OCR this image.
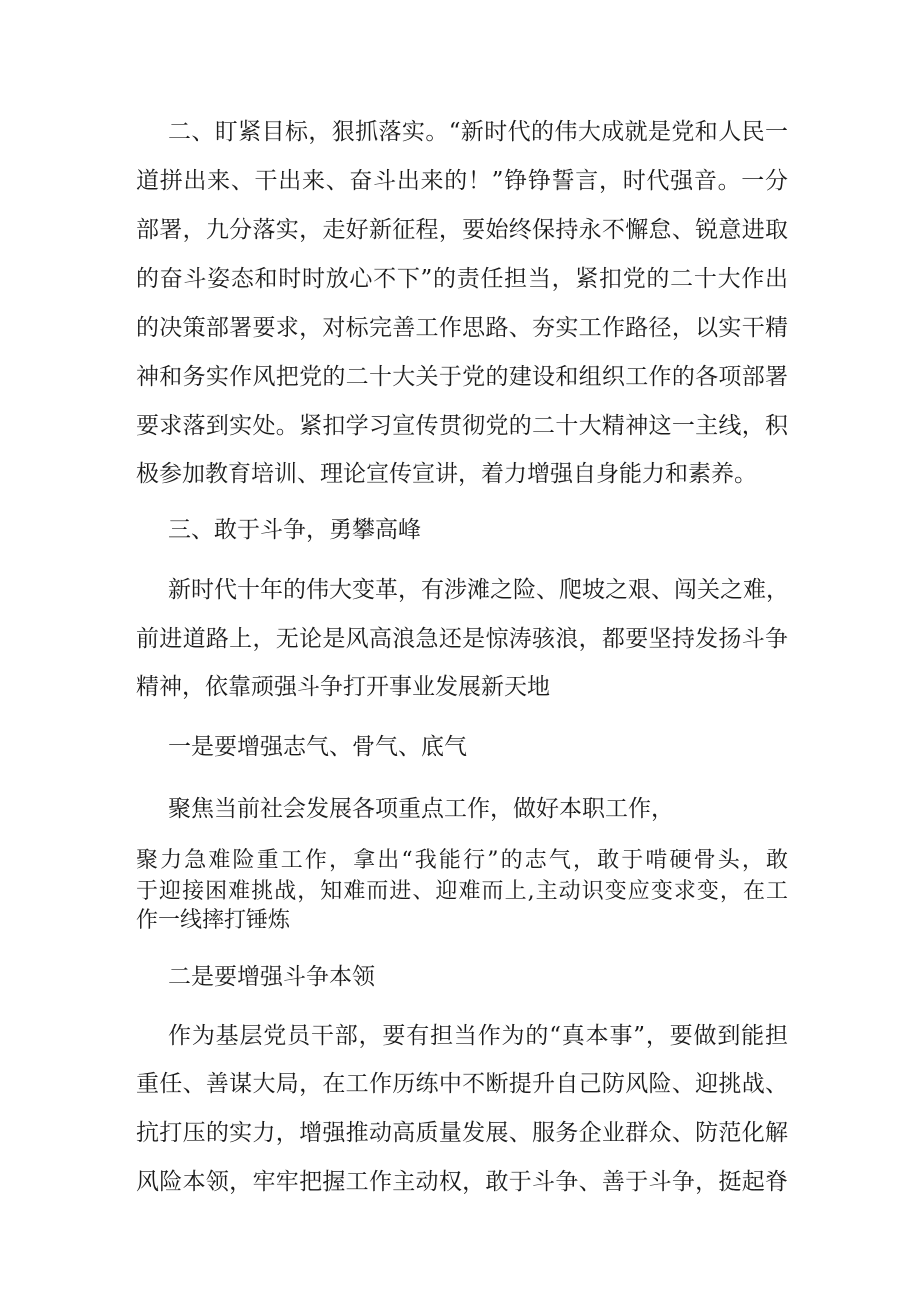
二、盯紧目标，狠抓落实。“新时代的伟大成就是党和人民一
道拼出来、干出来、奋斗出来的！”铮铮誓言，时代强音。一分
部署，九分落实，走好新征程，要始终保持永不懈怠、锐意进取
的奋斗姿态和时时放心不下”的责任担当，紧扣党的二十大作出
的决策部署要求，对标完善工作思路、夯实工作路径，以实干精
神和务实作风把党的二十大关于党的建设和组织工作的各项部署
要求落到实处。紧扣学习宣传贯彻党的二十大精神这一主线，积
极参加教育培训、理论宣传宣讲，着力增强自身能力和素养。
三、敢于斗争，勇攀高峰
新时代十年的伟大变革，有涉滩之险、爬坡之艰、闯关之难，
前进道路上，无论是风高浪急还是惊涛骇浪，都要坚持发扬斗争
精神，依靠顽强斗争打开事业发展新天地
一是要增强志气、骨气、底气
聚焦当前社会发展各项重点工作，做好本职工作，
聚力急难险重工作，拿出“我能行”的志气，敢于啃硬骨头，敢
于迎接困难挑战，知难而进、迎难而上,主动识变应变求变，在工
作一线摔打锤炼
二是要增强斗争本领
作为基层党员干部，要有担当作为的“真本事”，要做到能担
重任、善谋大局，在工作历练中不断提升自己防风险、迎挑战、
抗打压的实力，增强推动高质量发展、服务企业群众、防范化解
风险本领，牢牢把握工作主动权，敢于斗争、善于斗争，挺起脊
